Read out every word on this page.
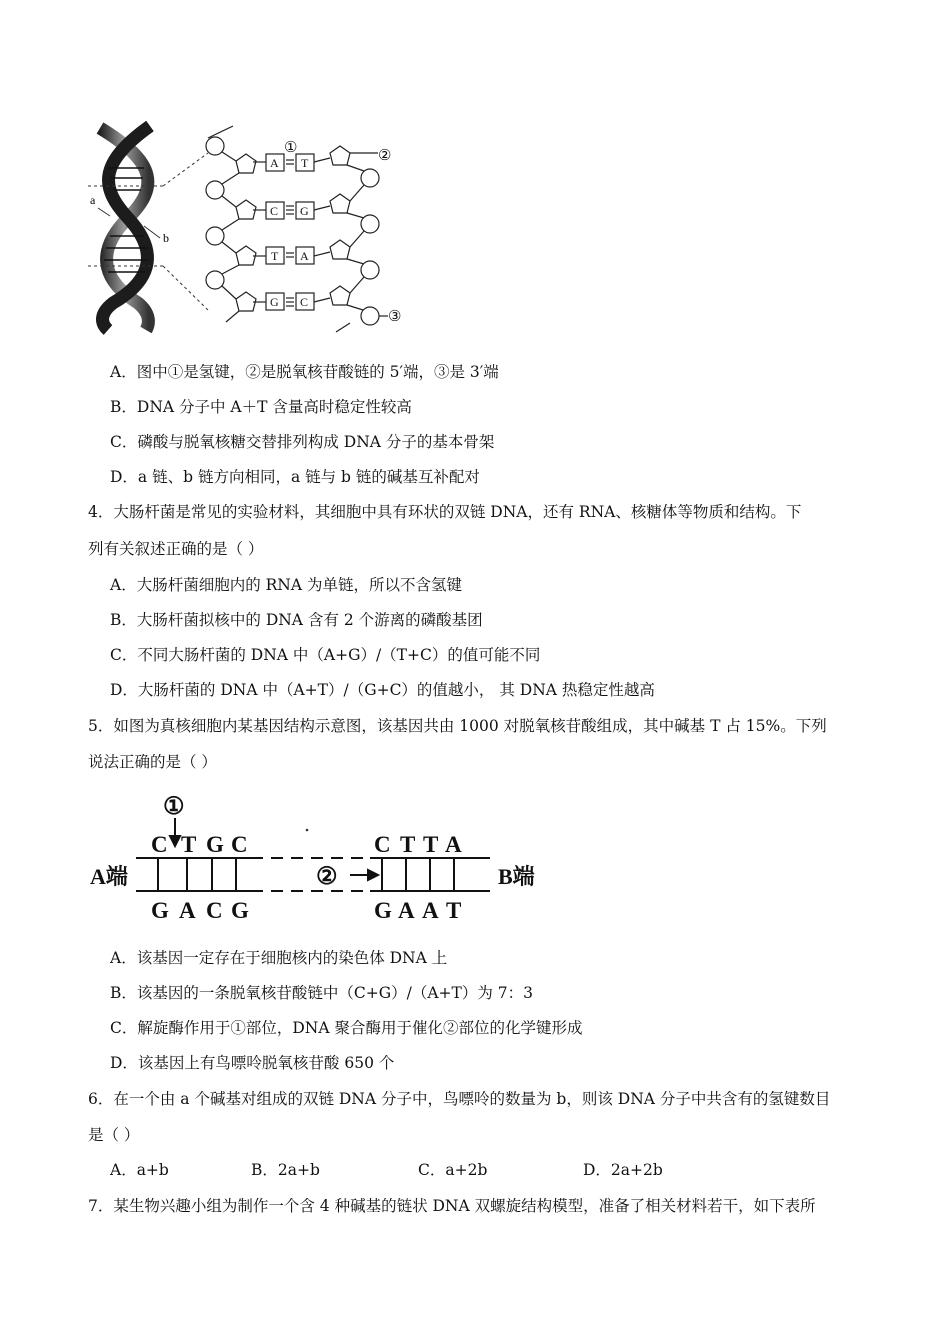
a
b
A T
C G
T A
G C
①	②
③
A．图中①是氢键，②是脱氧核苷酸链的 5′端，③是 3′端
B．DNA 分子中 A＋T 含量高时稳定性较高
C．磷酸与脱氧核糖交替排列构成 DNA 分子的基本骨架
D．a 链、b 链方向相同，a 链与 b 链的碱基互补配对
4．大肠杆菌是常见的实验材料，其细胞中具有环状的双链 DNA，还有 RNA、核糖体等物质和结构。下
列有关叙述正确的是（ ）
A．大肠杆菌细胞内的 RNA 为单链，所以不含氢键
B．大肠杆菌拟核中的 DNA 含有 2 个游离的磷酸基团
C．不同大肠杆菌的 DNA 中（A+G）/（T+C）的值可能不同
D．大肠杆菌的 DNA 中（A+T）/（G+C）的值越小， 其 DNA 热稳定性越高
5．如图为真核细胞内某基因结构示意图，该基因共由 1000 对脱氧核苷酸组成，其中碱基 T 占 15%。下列
说法正确的是（ ）
①
A端	B端
②
C T G C
G A C G
C T T A
G A A T
A．该基因一定存在于细胞核内的染色体 DNA 上
B．该基因的一条脱氧核苷酸链中（C+G）/（A+T）为 7：3
C．解旋酶作用于①部位，DNA 聚合酶用于催化②部位的化学键形成
D．该基因上有鸟嘌呤脱氧核苷酸 650 个
6．在一个由 a 个碱基对组成的双链 DNA 分子中，鸟嘌呤的数量为 b，则该 DNA 分子中共含有的氢键数目
是（ ）
A．a+b	B．2a+b	C．a+2b	D．2a+2b
7．某生物兴趣小组为制作一个含 4 种碱基的链状 DNA 双螺旋结构模型，准备了相关材料若干，如下表所
